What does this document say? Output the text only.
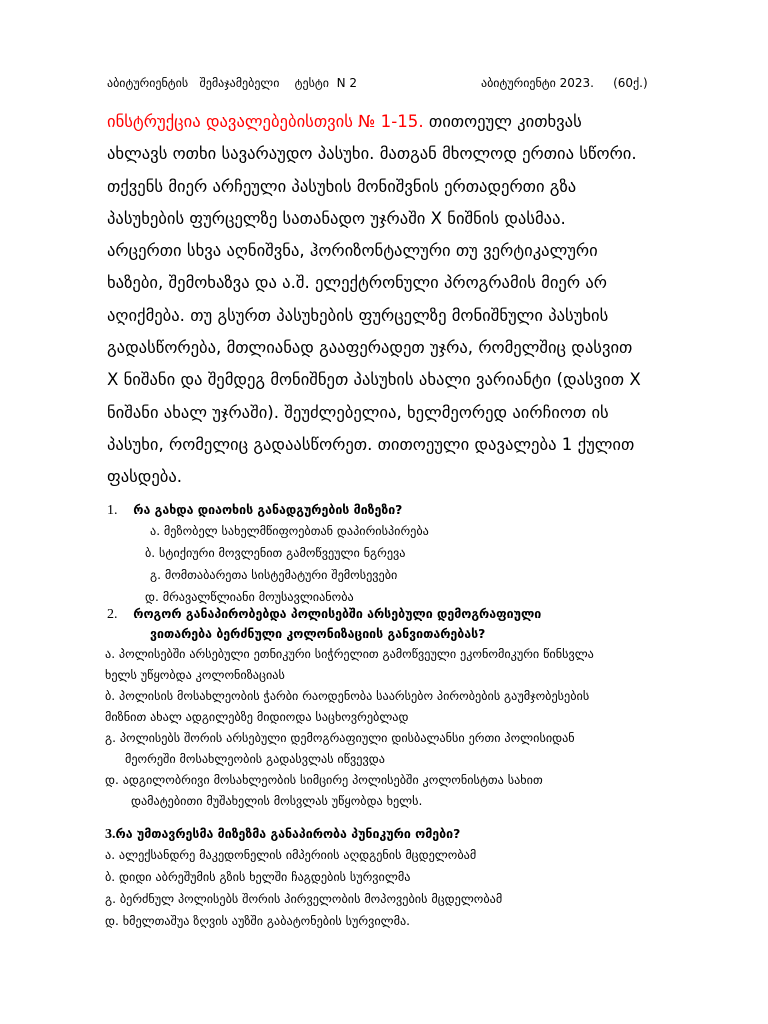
აბიტურიენტის   შემაჯამებელი    ტესტი  N 2	აბიტურიენტი 2023.     (60ქ.)
ინსტრუქცია დავალებებისთვის № 1-15. თითოეულ კითხვას
ახლავს ოთხი სავარაუდო პასუხი. მათგან მხოლოდ ერთია სწორი.
თქვენს მიერ არჩეული პასუხის მონიშვნის ერთადერთი გზა
პასუხების ფურცელზე სათანადო უჯრაში X ნიშნის დასმაა.
არცერთი სხვა აღნიშვნა, ჰორიზონტალური თუ ვერტიკალური
ხაზები, შემოხაზვა და ა.შ. ელექტრონული პროგრამის მიერ არ
აღიქმება. თუ გსურთ პასუხების ფურცელზე მონიშნული პასუხის
გადასწორება, მთლიანად გააფერადეთ უჯრა, რომელშიც დასვით
X ნიშანი და შემდეგ მონიშნეთ პასუხის ახალი ვარიანტი (დასვით X
ნიშანი ახალ უჯრაში). შეუძლებელია, ხელმეორედ აირჩიოთ ის
პასუხი, რომელიც გადაასწორეთ. თითოეული დავალება 1 ქულით
ფასდება.
1. რა გახდა დიაოხის განადგურების მიზეზი?
ა. მეზობელ სახელმწიფოებთან დაპირისპირება
ბ. სტიქიური მოვლენით გამოწვეული ნგრევა
გ. მომთაბარეთა სისტემატური შემოსევები
დ. მრავალწლიანი მოუსავლიანობა
2. როგორ განაპირობებდა პოლისებში არსებული დემოგრაფიული
ვითარება ბერძნული კოლონიზაციის განვითარებას?
ა. პოლისებში არსებული ეთნიკური სიჭრელით გამოწვეული ეკონომიკური წინსვლა
ხელს უწყობდა კოლონიზაციას
ბ. პოლისის მოსახლეობის ჭარბი რაოდენობა საარსებო პირობების გაუმჯობესების
მიზნით ახალ ადგილებზე მიდიოდა საცხოვრებლად
გ. პოლისებს შორის არსებული დემოგრაფიული დისბალანსი ერთი პოლისიდან
მეორეში მოსახლეობის გადასვლას იწვევდა
დ. ადგილობრივი მოსახლეობის სიმცირე პოლისებში კოლონისტთა სახით
დამატებითი მუშახელის მოსვლას უწყობდა ხელს.
3.რა უმთავრესმა მიზეზმა განაპირობა პუნიკური ომები?
ა. ალექსანდრე მაკედონელის იმპერიის აღდგენის მცდელობამ
ბ. დიდი აბრეშუმის გზის ხელში ჩაგდების სურვილმა
გ. ბერძნულ პოლისებს შორის პირველობის მოპოვების მცდელობამ
დ. ხმელთაშუა ზღვის აუზში გაბატონების სურვილმა.
